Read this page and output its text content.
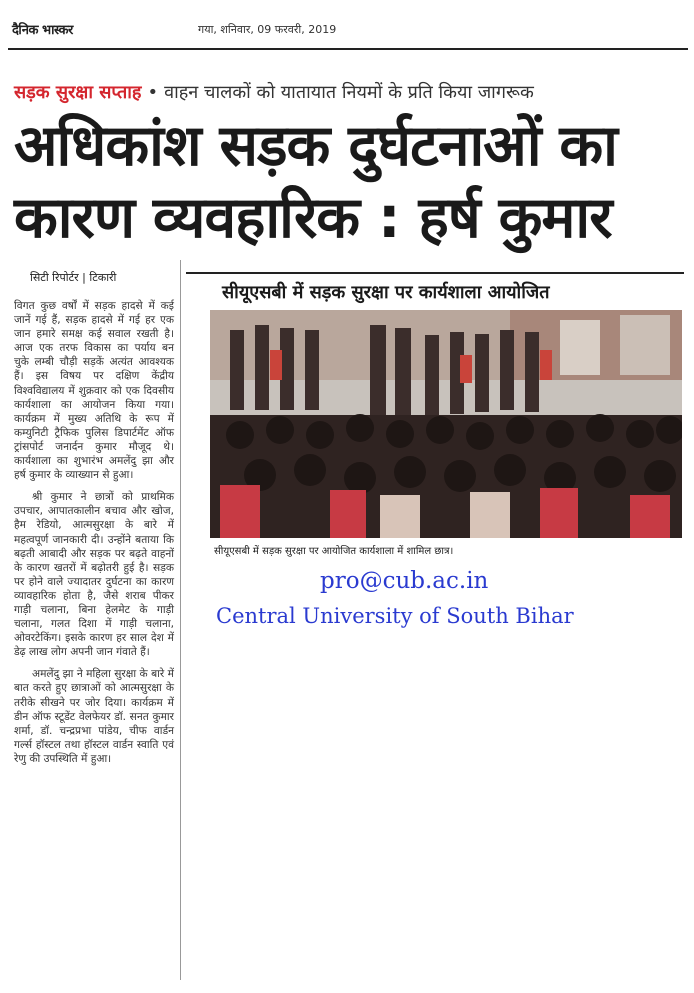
दैनिक भास्कर	गया, शनिवार, 09 फरवरी, 2019
सड़क सुरक्षा सप्ताह • वाहन चालकों को यातायात नियमों के प्रति किया जागरूक
अधिकांश सड़क दुर्घटनाओं का
कारण व्यवहारिक : हर्ष कुमार
सिटी रिपोर्टर | टिकारी

विगत कुछ वर्षों में सड़क हादसे में कई जानें गई हैं, सड़क हादसे में गई हर एक जान हमारे समक्ष कई सवाल रखती है। आज एक तरफ विकास का पर्याय बन चुके लम्बी चौड़ी सड़कें अत्यंत आवश्यक हैं। इस विषय पर दक्षिण केंद्रीय विश्वविद्यालय में शुक्रवार को एक दिवसीय कार्यशाला का आयोजन किया गया। कार्यक्रम में मुख्य अतिथि के रूप में कम्युनिटी ट्रैफिक पुलिस डिपार्टमेंट ऑफ ट्रांसपोर्ट जनार्दन कुमार मौजूद थे। कार्यशाला का शुभारंभ अमलेंदु झा और हर्ष कुमार के व्याख्यान से हुआ।

श्री कुमार ने छात्रों को प्राथमिक उपचार, आपातकालीन बचाव और खोज, हैम रेडियो, आत्मसुरक्षा के बारे में महत्वपूर्ण जानकारी दी। उन्होंने बताया कि बढ़ती आबादी और सड़क पर बढ़ते वाहनों के कारण खतरों में बढ़ोतरी हुई है। सड़क पर होने वाले ज्यादातर दुर्घटना का कारण व्यावहारिक होता है, जैसे शराब पीकर गाड़ी चलाना, बिना हेलमेट के गाड़ी चलाना, गलत दिशा में गाड़ी चलाना, ओवरटेकिंग। इसके कारण हर साल देश में डेढ़ लाख लोग अपनी जान गंवाते हैं।

अमलेंदु झा ने महिला सुरक्षा के बारे में बात करते हुए छात्राओं को आत्मसुरक्षा के तरीके सीखने पर जोर दिया। कार्यक्रम में डीन ऑफ स्टूडेंट वेलफेयर डॉ. सनत कुमार शर्मा, डॉ. चन्द्रप्रभा पांडेय, चीफ वार्डन गर्ल्स हॉस्टल तथा हॉस्टल वार्डन स्वाति एवं रेणु की उपस्थिति में हुआ।

सीयूएसबी में सड़क सुरक्षा पर कार्यशाला आयोजित
सीयूएसबी में सड़क सुरक्षा पर आयोजित कार्यशाला में शामिल छात्र।
pro@cub.ac.in
Central University of South Bihar
